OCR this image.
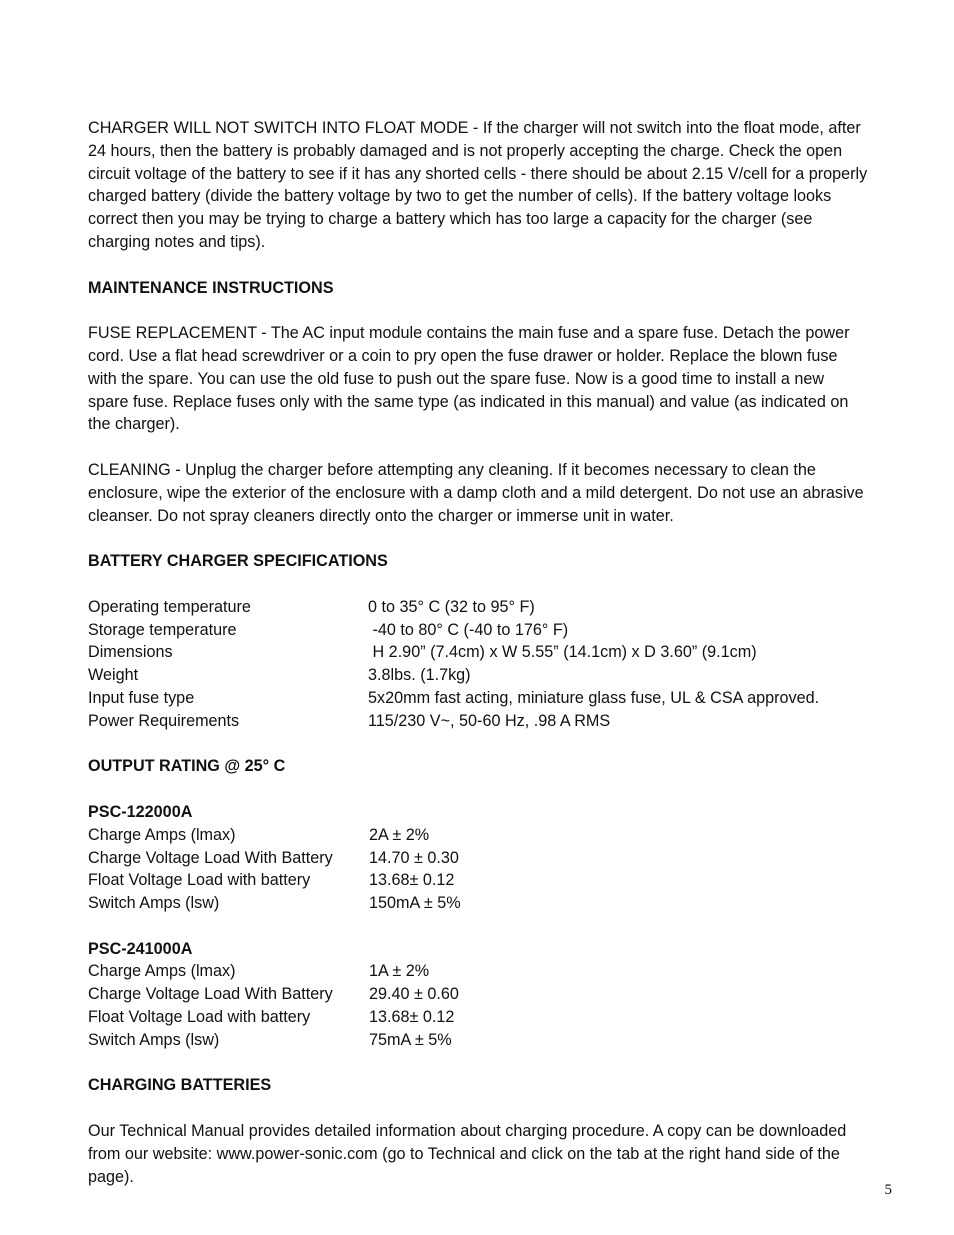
CHARGER WILL NOT SWITCH INTO FLOAT MODE - If the charger will not switch into the float mode, after 24 hours, then the battery is probably damaged and is not properly accepting the charge. Check the open circuit voltage of the battery to see if it has any shorted cells - there should be about 2.15 V/cell for a properly charged battery (divide the battery voltage by two to get the number of cells). If the battery voltage looks correct then you may be trying to charge a battery which has too large a capacity for the charger (see charging notes and tips).

MAINTENANCE INSTRUCTIONS

FUSE REPLACEMENT - The AC input module contains the main fuse and a spare fuse. Detach the power cord. Use a flat head screwdriver or a coin to pry open the fuse drawer or holder. Replace the blown fuse with the spare. You can use the old fuse to push out the spare fuse. Now is a good time to install a new spare fuse. Replace fuses only with the same type (as indicated in this manual) and value (as indicated on the charger).

CLEANING - Unplug the charger before attempting any cleaning. If it becomes necessary to clean the enclosure, wipe the exterior of the enclosure with a damp cloth and a mild detergent. Do not use an abrasive cleanser. Do not spray cleaners directly onto the charger or immerse unit in water.

BATTERY CHARGER SPECIFICATIONS

Operating temperature	0 to 35° C (32 to 95° F)
Storage temperature	-40 to 80° C (-40 to 176° F)
Dimensions	H 2.90” (7.4cm) x W 5.55” (14.1cm) x D 3.60” (9.1cm)
Weight	3.8lbs. (1.7kg)
Input fuse type	5x20mm fast acting, miniature glass fuse, UL & CSA approved.
Power Requirements	115/230 V~, 50-60 Hz, .98 A RMS

OUTPUT RATING @ 25° C

PSC-122000A

Charge Amps (lmax)	2A ± 2%
Charge Voltage Load With Battery	14.70 ± 0.30
Float Voltage Load with battery	13.68± 0.12
Switch Amps (lsw)	150mA ± 5%

PSC-241000A

Charge Amps (lmax)	1A ± 2%
Charge Voltage Load With Battery	29.40 ± 0.60
Float Voltage Load with battery	13.68± 0.12
Switch Amps (lsw)	75mA ± 5%

CHARGING BATTERIES

Our Technical Manual provides detailed information about charging procedure. A copy can be downloaded from our website: www.power-sonic.com (go to Technical and click on the tab at the right hand side of the page).

5
